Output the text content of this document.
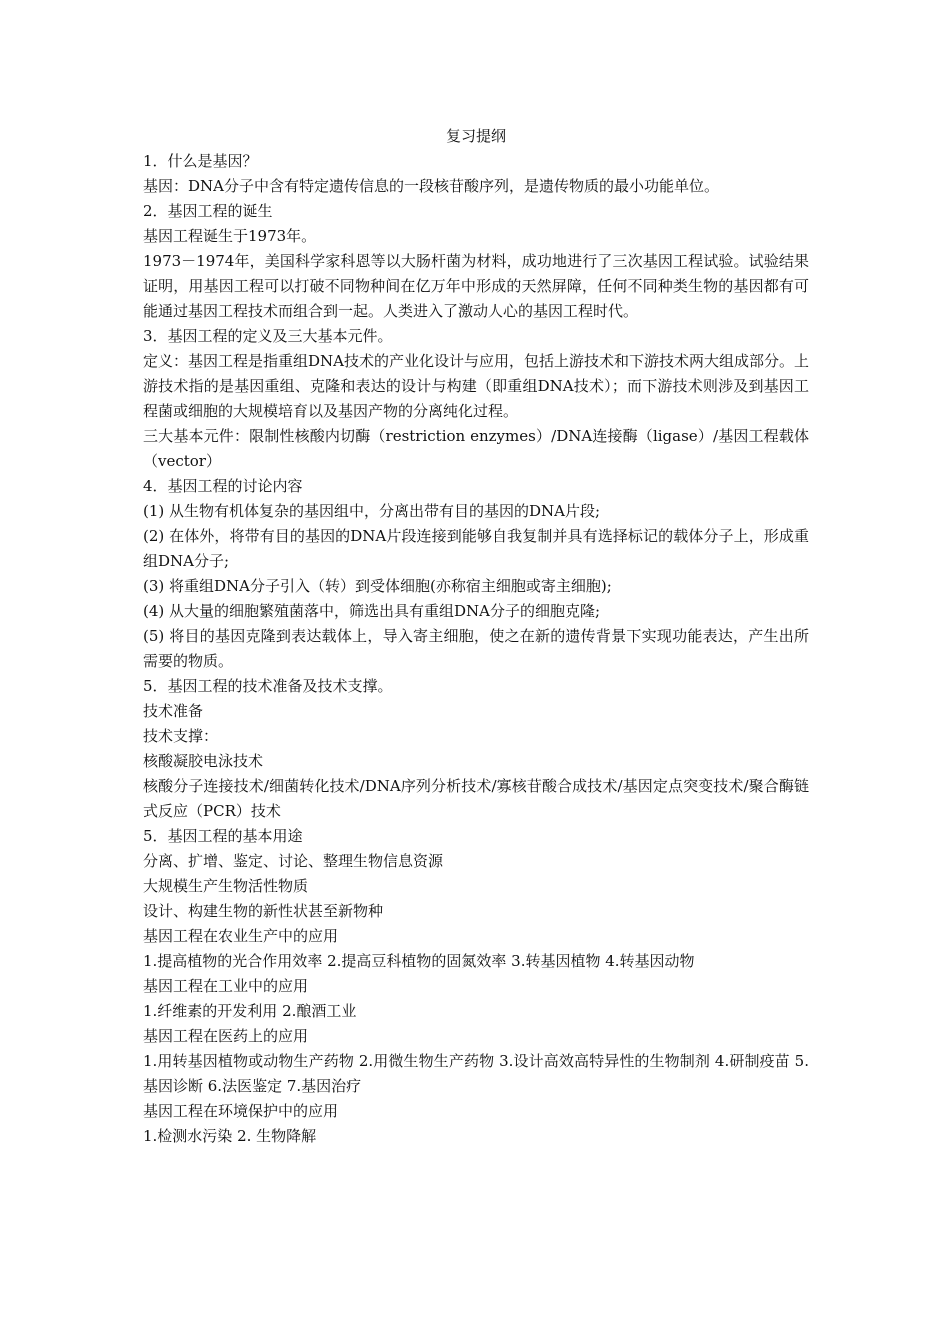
复习提纲

1．什么是基因？

基因：DNA分子中含有特定遗传信息的一段核苷酸序列，是遗传物质的最小功能单位。

2．基因工程的诞生

基因工程诞生于1973年。

1973－1974年，美国科学家科恩等以大肠杆菌为材料，成功地进行了三次基因工程试验。试验结果证明，用基因工程可以打破不同物种间在亿万年中形成的天然屏障，任何不同种类生物的基因都有可能通过基因工程技术而组合到一起。人类进入了激动人心的基因工程时代。

3．基因工程的定义及三大基本元件。

定义：基因工程是指重组DNA技术的产业化设计与应用，包括上游技术和下游技术两大组成部分。上游技术指的是基因重组、克隆和表达的设计与构建（即重组DNA技术）；而下游技术则涉及到基因工程菌或细胞的大规模培育以及基因产物的分离纯化过程。

三大基本元件：限制性核酸内切酶（restriction enzymes）/DNA连接酶（ligase）/基因工程载体（vector）

4．基因工程的讨论内容

(1) 从生物有机体复杂的基因组中，分离出带有目的基因的DNA片段;

(2) 在体外，将带有目的基因的DNA片段连接到能够自我复制并具有选择标记的载体分子上，形成重组DNA分子;

(3) 将重组DNA分子引入（转）到受体细胞(亦称宿主细胞或寄主细胞);

(4) 从大量的细胞繁殖菌落中，筛选出具有重组DNA分子的细胞克隆;

(5) 将目的基因克隆到表达载体上，导入寄主细胞，使之在新的遗传背景下实现功能表达，产生出所需要的物质。

5．基因工程的技术准备及技术支撑。

技术准备

技术支撑：

核酸凝胶电泳技术

核酸分子连接技术/细菌转化技术/DNA序列分析技术/寡核苷酸合成技术/基因定点突变技术/聚合酶链式反应（PCR）技术

5．基因工程的基本用途

分离、扩增、鉴定、讨论、整理生物信息资源

大规模生产生物活性物质

设计、构建生物的新性状甚至新物种

基因工程在农业生产中的应用

1.提高植物的光合作用效率 2.提高豆科植物的固氮效率 3.转基因植物 4.转基因动物

基因工程在工业中的应用

1.纤维素的开发利用 2.酿酒工业

基因工程在医药上的应用

1.用转基因植物或动物生产药物 2.用微生物生产药物 3.设计高效高特异性的生物制剂 4.研制疫苗 5.基因诊断 6.法医鉴定 7.基因治疗

基因工程在环境保护中的应用

1.检测水污染 2. 生物降解
